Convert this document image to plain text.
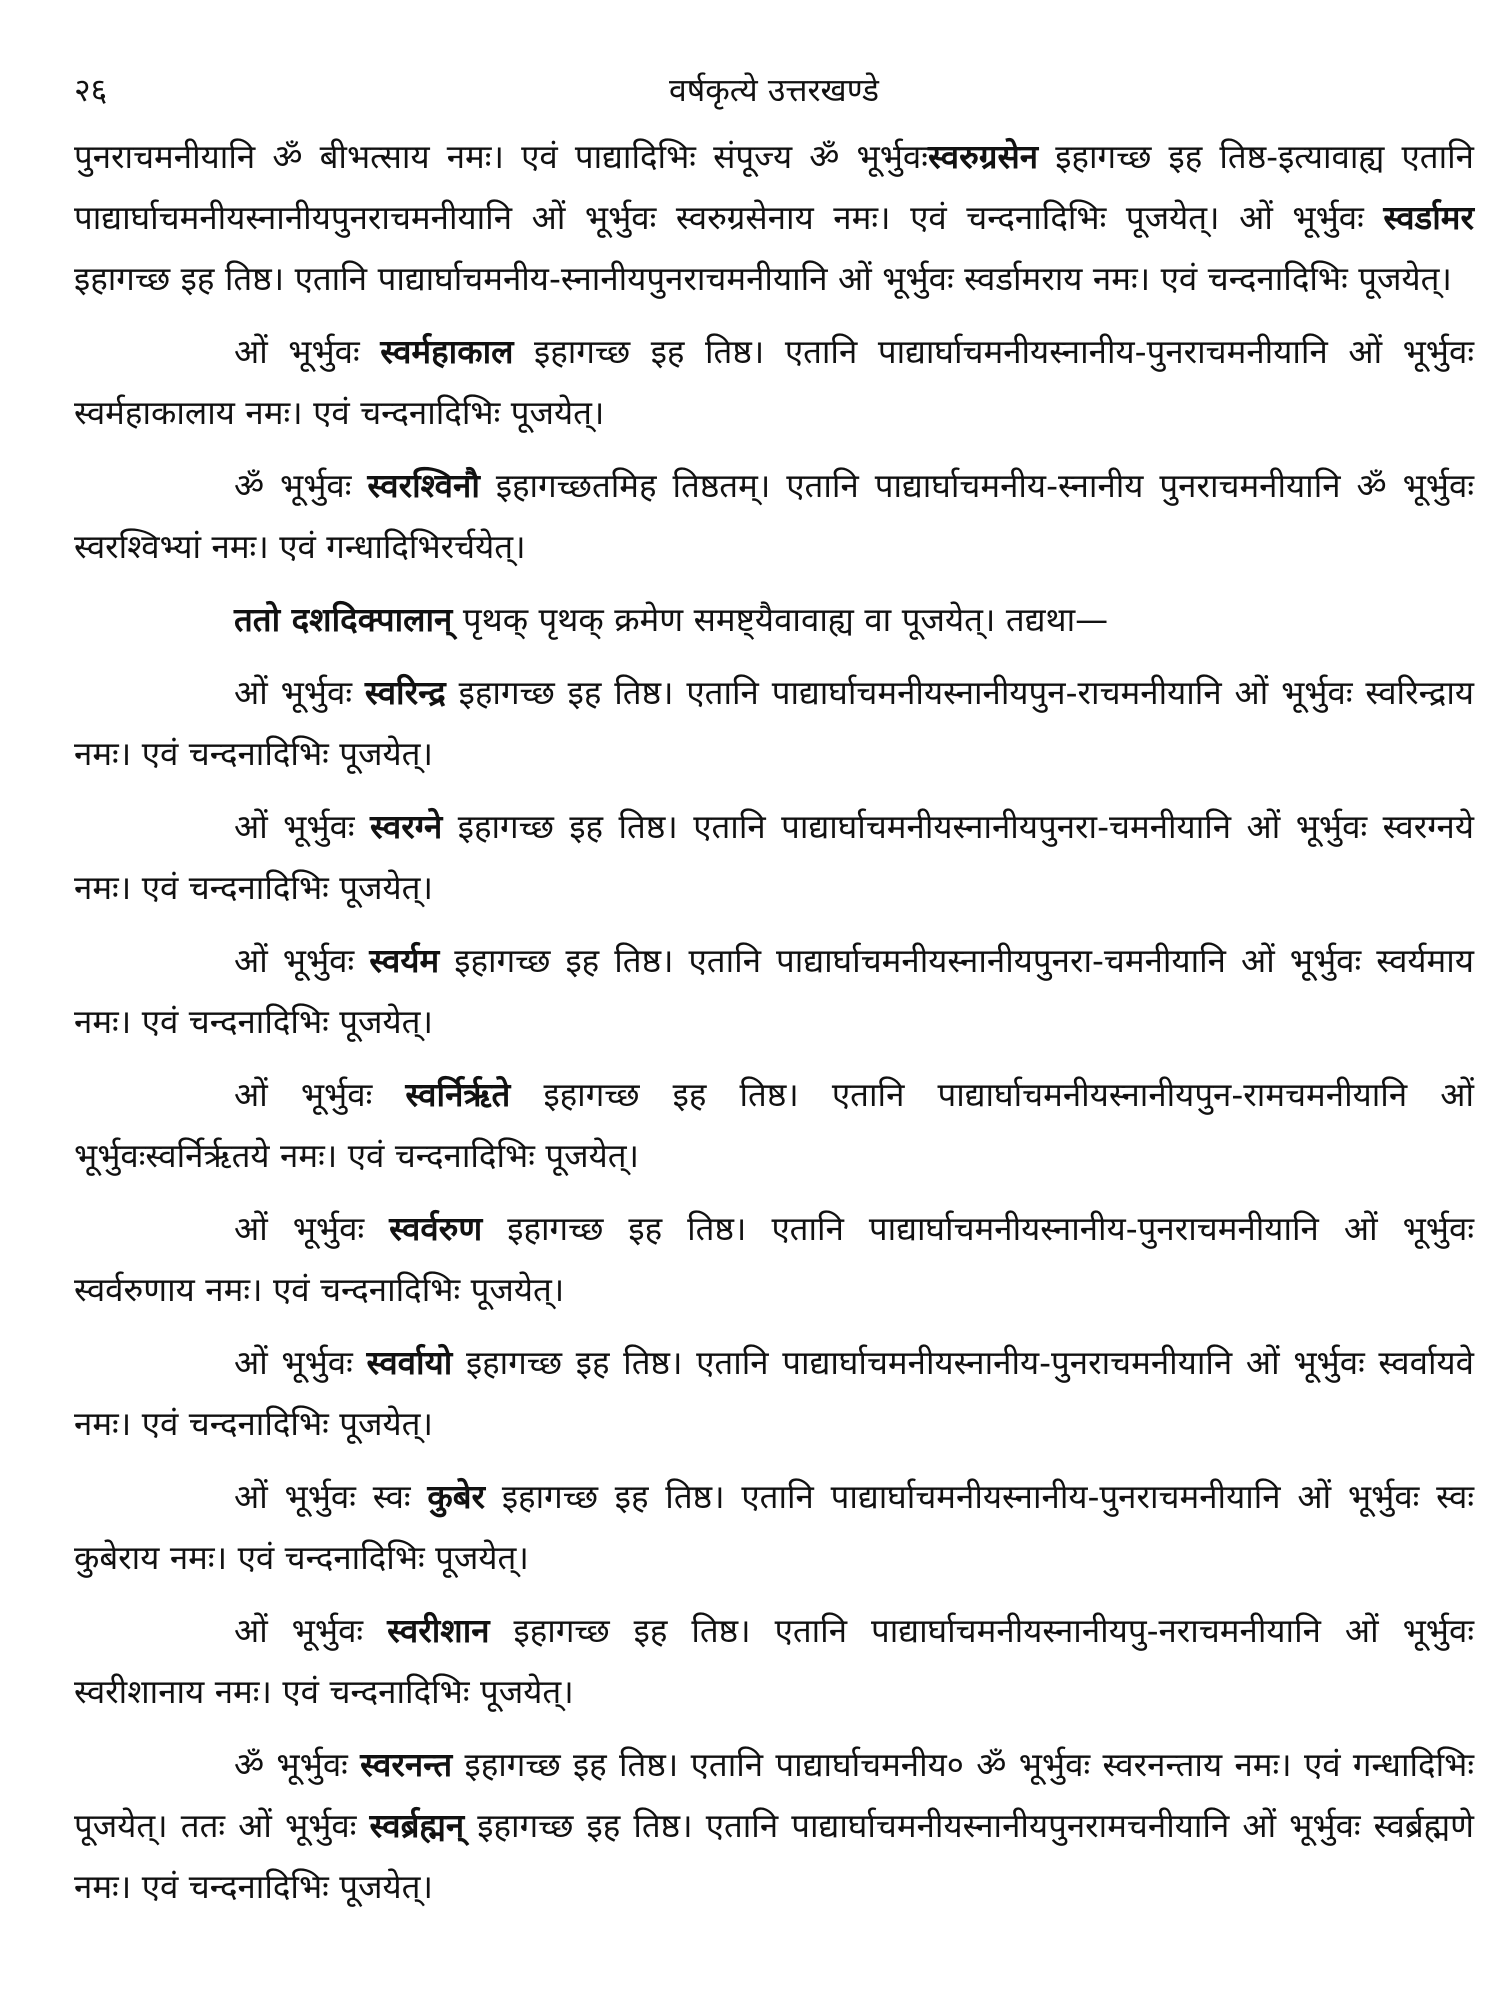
२६	वर्षकृत्ये उत्तरखण्डे

पुनराचमनीयानि ॐ बीभत्साय नमः। एवं पाद्यादिभिः संपूज्य ॐ भूर्भुवःस्वरुग्रसेन इहागच्छ इह तिष्ठ-इत्यावाह्य एतानि पाद्यार्घाचमनीयस्नानीयपुनराचमनीयानि ओं भूर्भुवः स्वरुग्रसेनाय नमः। एवं चन्दनादिभिः पूजयेत्। ओं भूर्भुवः स्वर्डामर इहागच्छ इह तिष्ठ। एतानि पाद्यार्घाचमनीय-स्नानीयपुनराचमनीयानि ओं भूर्भुवः स्वर्डामराय नमः। एवं चन्दनादिभिः पूजयेत्।

ओं भूर्भुवः स्वर्महाकाल इहागच्छ इह तिष्ठ। एतानि पाद्यार्घाचमनीयस्नानीय-पुनराचमनीयानि ओं भूर्भुवः स्वर्महाकालाय नमः। एवं चन्दनादिभिः पूजयेत्।

ॐ भूर्भुवः स्वरश्विनौ इहागच्छतमिह तिष्ठतम्। एतानि पाद्यार्घाचमनीय-स्नानीय पुनराचमनीयानि ॐ भूर्भुवः स्वरश्विभ्यां नमः। एवं गन्धादिभिरर्चयेत्।

ततो दशदिक्पालान् पृथक् पृथक् क्रमेण समष्ट्यैवावाह्य वा पूजयेत्। तद्यथा—

ओं भूर्भुवः स्वरिन्द्र इहागच्छ इह तिष्ठ। एतानि पाद्यार्घाचमनीयस्नानीयपुन-राचमनीयानि ओं भूर्भुवः स्वरिन्द्राय नमः। एवं चन्दनादिभिः पूजयेत्।

ओं भूर्भुवः स्वरग्ने इहागच्छ इह तिष्ठ। एतानि पाद्यार्घाचमनीयस्नानीयपुनरा-चमनीयानि ओं भूर्भुवः स्वरग्नये नमः। एवं चन्दनादिभिः पूजयेत्।

ओं भूर्भुवः स्वर्यम इहागच्छ इह तिष्ठ। एतानि पाद्यार्घाचमनीयस्नानीयपुनरा-चमनीयानि ओं भूर्भुवः स्वर्यमाय नमः। एवं चन्दनादिभिः पूजयेत्।

ओं भूर्भुवः स्वर्निर्ऋते इहागच्छ इह तिष्ठ। एतानि पाद्यार्घाचमनीयस्नानीयपुन-रामचमनीयानि ओं भूर्भुवःस्वर्निर्ऋतये नमः। एवं चन्दनादिभिः पूजयेत्।

ओं भूर्भुवः स्वर्वरुण इहागच्छ इह तिष्ठ। एतानि पाद्यार्घाचमनीयस्नानीय-पुनराचमनीयानि ओं भूर्भुवः स्वर्वरुणाय नमः। एवं चन्दनादिभिः पूजयेत्।

ओं भूर्भुवः स्वर्वायो इहागच्छ इह तिष्ठ। एतानि पाद्यार्घाचमनीयस्नानीय-पुनराचमनीयानि ओं भूर्भुवः स्वर्वायवे नमः। एवं चन्दनादिभिः पूजयेत्।

ओं भूर्भुवः स्वः कुबेर इहागच्छ इह तिष्ठ। एतानि पाद्यार्घाचमनीयस्नानीय-पुनराचमनीयानि ओं भूर्भुवः स्वः कुबेराय नमः। एवं चन्दनादिभिः पूजयेत्।

ओं भूर्भुवः स्वरीशान इहागच्छ इह तिष्ठ। एतानि पाद्यार्घाचमनीयस्नानीयपु-नराचमनीयानि ओं भूर्भुवः स्वरीशानाय नमः। एवं चन्दनादिभिः पूजयेत्।

ॐ भूर्भुवः स्वरनन्त इहागच्छ इह तिष्ठ। एतानि पाद्यार्घाचमनीय० ॐ भूर्भुवः स्वरनन्ताय नमः। एवं गन्धादिभिः पूजयेत्। ततः ओं भूर्भुवः स्वर्ब्रह्मन् इहागच्छ इह तिष्ठ। एतानि पाद्यार्घाचमनीयस्नानीयपुनरामचनीयानि ओं भूर्भुवः स्वर्ब्रह्मणे नमः। एवं चन्दनादिभिः पूजयेत्।
